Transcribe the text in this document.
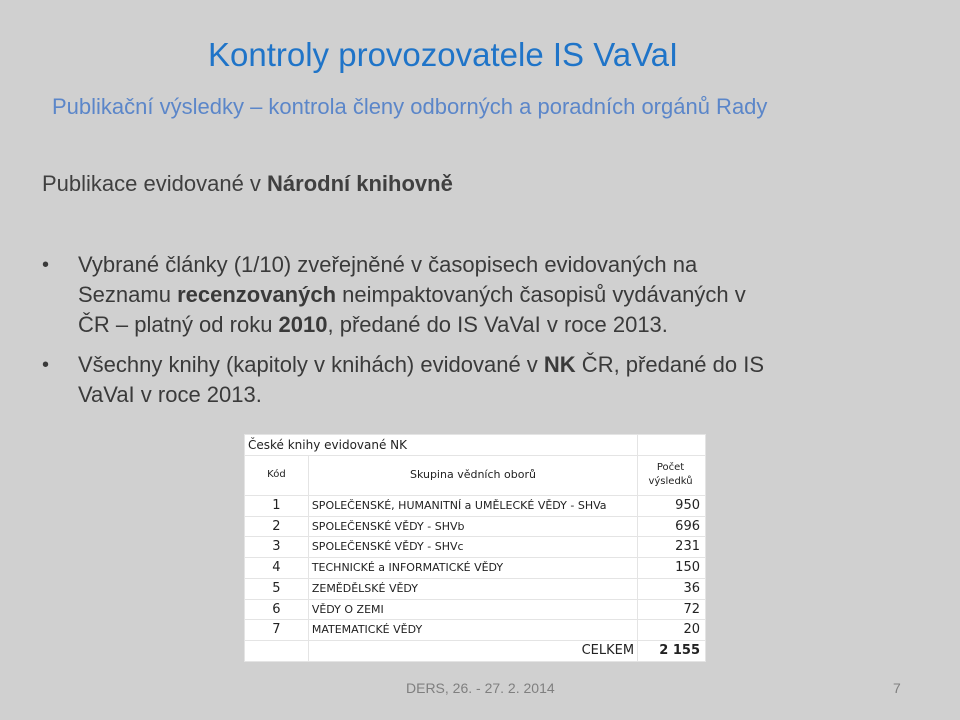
Kontroly provozovatele IS VaVaI
Publikační výsledky – kontrola členy odborných a poradních orgánů Rady
Publikace evidované v Národní knihovně
• Vybrané články (1/10) zveřejněné v časopisech evidovaných na
Seznamu recenzovaných neimpaktovaných časopisů vydávaných v
ČR – platný od roku 2010, předané do IS VaVaI v roce 2013.
• Všechny knihy (kapitoly v knihách) evidované v NK ČR, předané do IS
VaVaI v roce 2013.
České knihy evidované NK		
Kód	Skupina vědních oborů	Počet
výsledků
1	SPOLEČENSKÉ, HUMANITNÍ a UMĚLECKÉ VĚDY - SHVa	950
2	SPOLEČENSKÉ VĚDY - SHVb	696
3	SPOLEČENSKÉ VĚDY - SHVc	231
4	TECHNICKÉ a INFORMATICKÉ VĚDY	150
5	ZEMĚDĚLSKÉ VĚDY	36
6	VĚDY O ZEMI	72
7	MATEMATICKÉ VĚDY	20
	CELKEM	2 155
DERS, 26. - 27. 2. 2014	7
